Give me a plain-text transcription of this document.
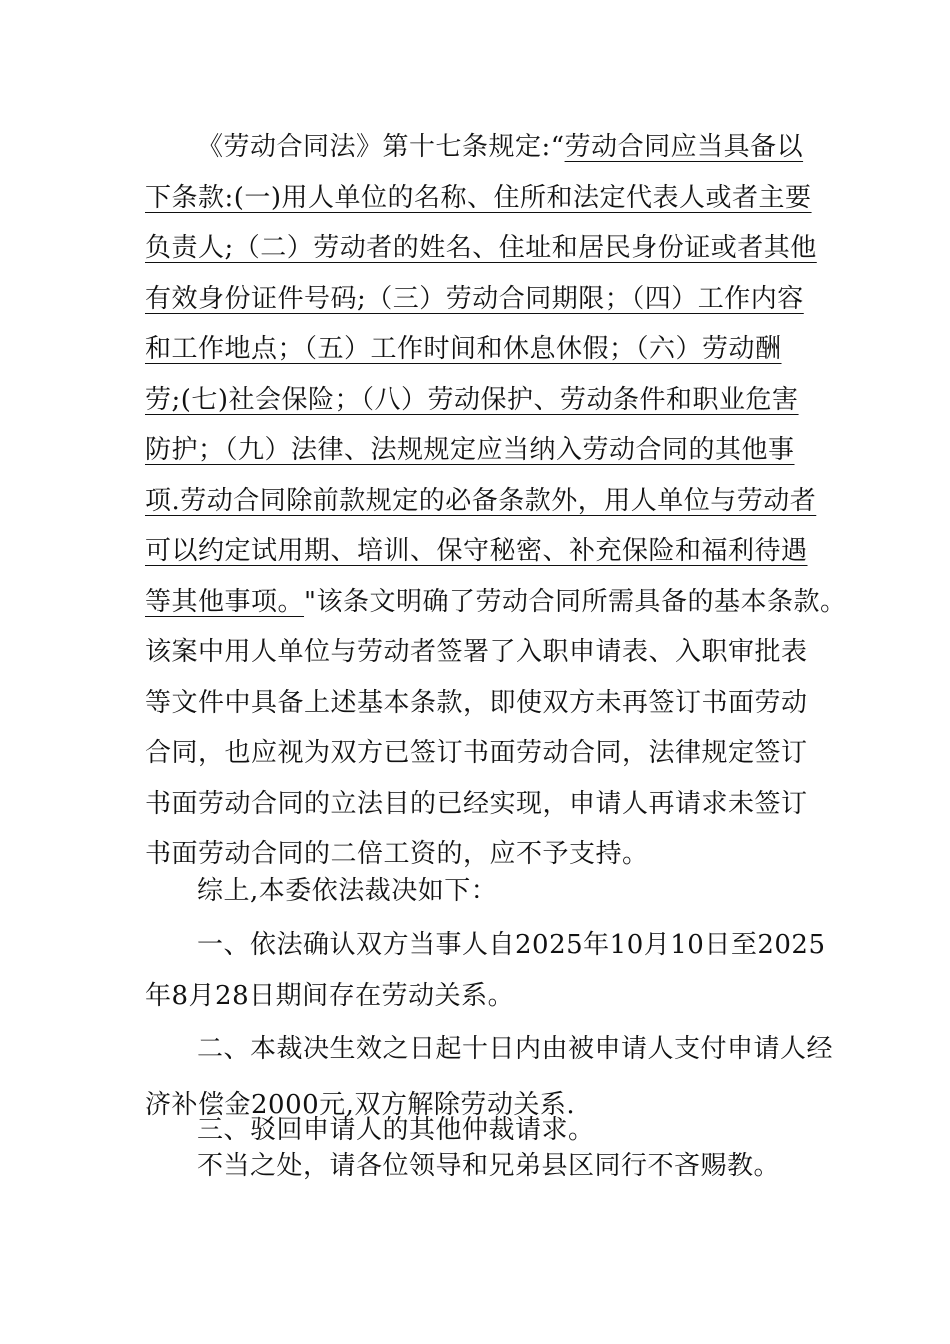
《劳动合同法》第十七条规定:“劳动合同应当具备以
下条款:(一)用人单位的名称、住所和法定代表人或者主要
负责人;（二）劳动者的姓名、住址和居民身份证或者其他
有效身份证件号码;（三）劳动合同期限；（四）工作内容
和工作地点；（五）工作时间和休息休假；（六）劳动酬
劳;(七)社会保险；（八）劳动保护、劳动条件和职业危害
防护；（九）法律、法规规定应当纳入劳动合同的其他事
项.劳动合同除前款规定的必备条款外，用人单位与劳动者
可以约定试用期、培训、保守秘密、补充保险和福利待遇
等其他事项。"该条文明确了劳动合同所需具备的基本条款。
该案中用人单位与劳动者签署了入职申请表、入职审批表
等文件中具备上述基本条款，即使双方未再签订书面劳动
合同，也应视为双方已签订书面劳动合同，法律规定签订
书面劳动合同的立法目的已经实现，申请人再请求未签订
书面劳动合同的二倍工资的，应不予支持。
综上,本委依法裁决如下：
一、依法确认双方当事人自2025年10月10日至2025
年8月28日期间存在劳动关系。
二、本裁决生效之日起十日内由被申请人支付申请人经
济补偿金2000元,双方解除劳动关系.
三、驳回申请人的其他仲裁请求。
不当之处，请各位领导和兄弟县区同行不吝赐教。
